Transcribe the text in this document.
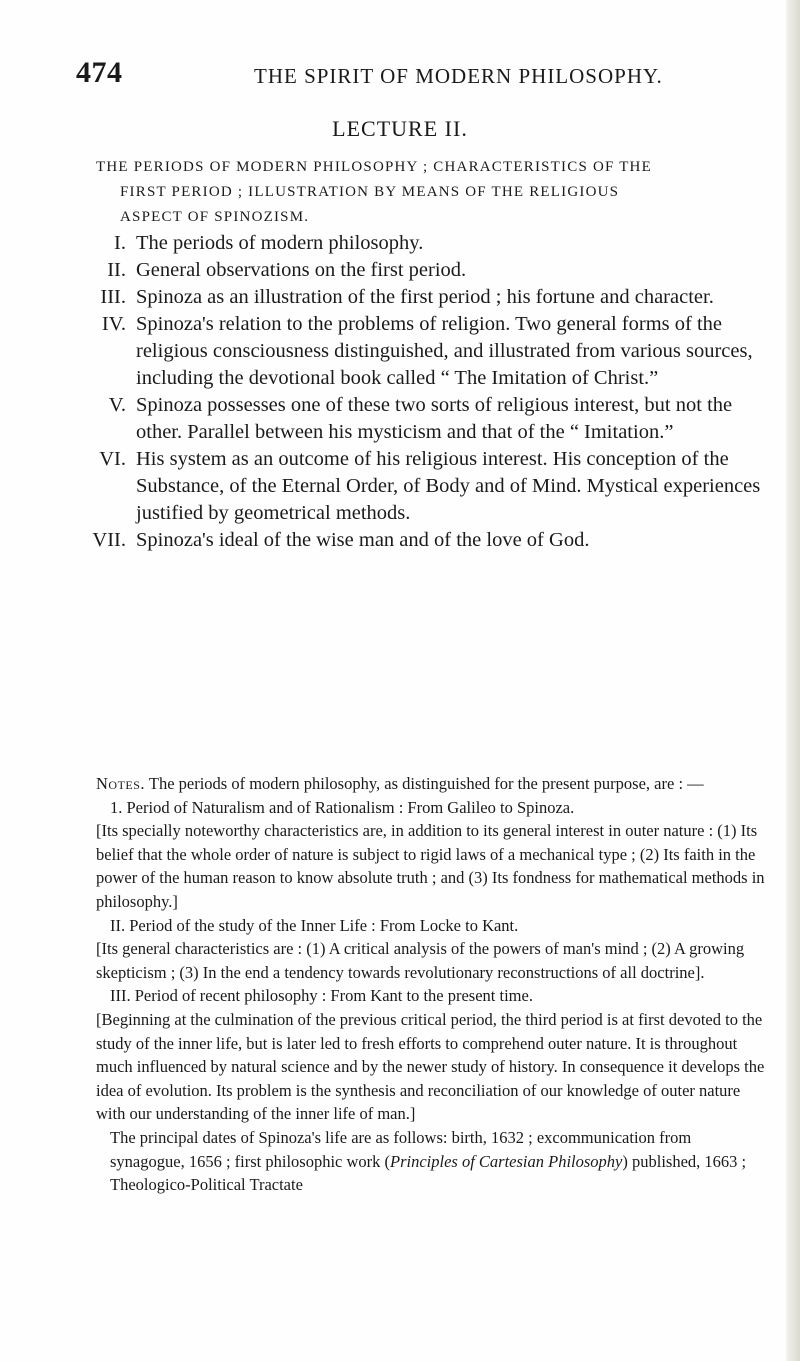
474	THE SPIRIT OF MODERN PHILOSOPHY.
LECTURE II.
THE PERIODS OF MODERN PHILOSOPHY ; CHARACTERISTICS OF THE
FIRST PERIOD ; ILLUSTRATION BY MEANS OF THE RELIGIOUS
ASPECT OF SPINOZISM.
I. The periods of modern philosophy.
II. General observations on the first period.
III. Spinoza as an illustration of the first period ; his fortune and character.
IV. Spinoza's relation to the problems of religion. Two general forms of the religious consciousness distinguished, and illustrated from various sources, including the devotional book called “ The Imitation of Christ.”
V. Spinoza possesses one of these two sorts of religious interest, but not the other. Parallel between his mysticism and that of the “ Imitation.”
VI. His system as an outcome of his religious interest. His conception of the Substance, of the Eternal Order, of Body and of Mind. Mystical experiences justified by geometrical methods.
VII. Spinoza's ideal of the wise man and of the love of God.

Notes. The periods of modern philosophy, as distinguished for the present purpose, are : —

1. Period of Naturalism and of Rationalism : From Galileo to Spinoza.

[Its specially noteworthy characteristics are, in addition to its general interest in outer nature : (1) Its belief that the whole order of nature is subject to rigid laws of a mechanical type ; (2) Its faith in the power of the human reason to know absolute truth ; and (3) Its fondness for mathematical methods in philosophy.]

II. Period of the study of the Inner Life : From Locke to Kant.

[Its general characteristics are : (1) A critical analysis of the powers of man's mind ; (2) A growing skepticism ; (3) In the end a tendency towards revolutionary reconstructions of all doctrine].

III. Period of recent philosophy : From Kant to the present time.

[Beginning at the culmination of the previous critical period, the third period is at first devoted to the study of the inner life, but is later led to fresh efforts to comprehend outer nature. It is throughout much influenced by natural science and by the newer study of history. In consequence it develops the idea of evolution. Its problem is the synthesis and reconciliation of our knowledge of outer nature with our understanding of the inner life of man.]

The principal dates of Spinoza's life are as follows: birth, 1632 ; excommunication from synagogue, 1656 ; first philosophic work (Principles of Cartesian Philosophy) published, 1663 ; Theologico-Political Tractate
